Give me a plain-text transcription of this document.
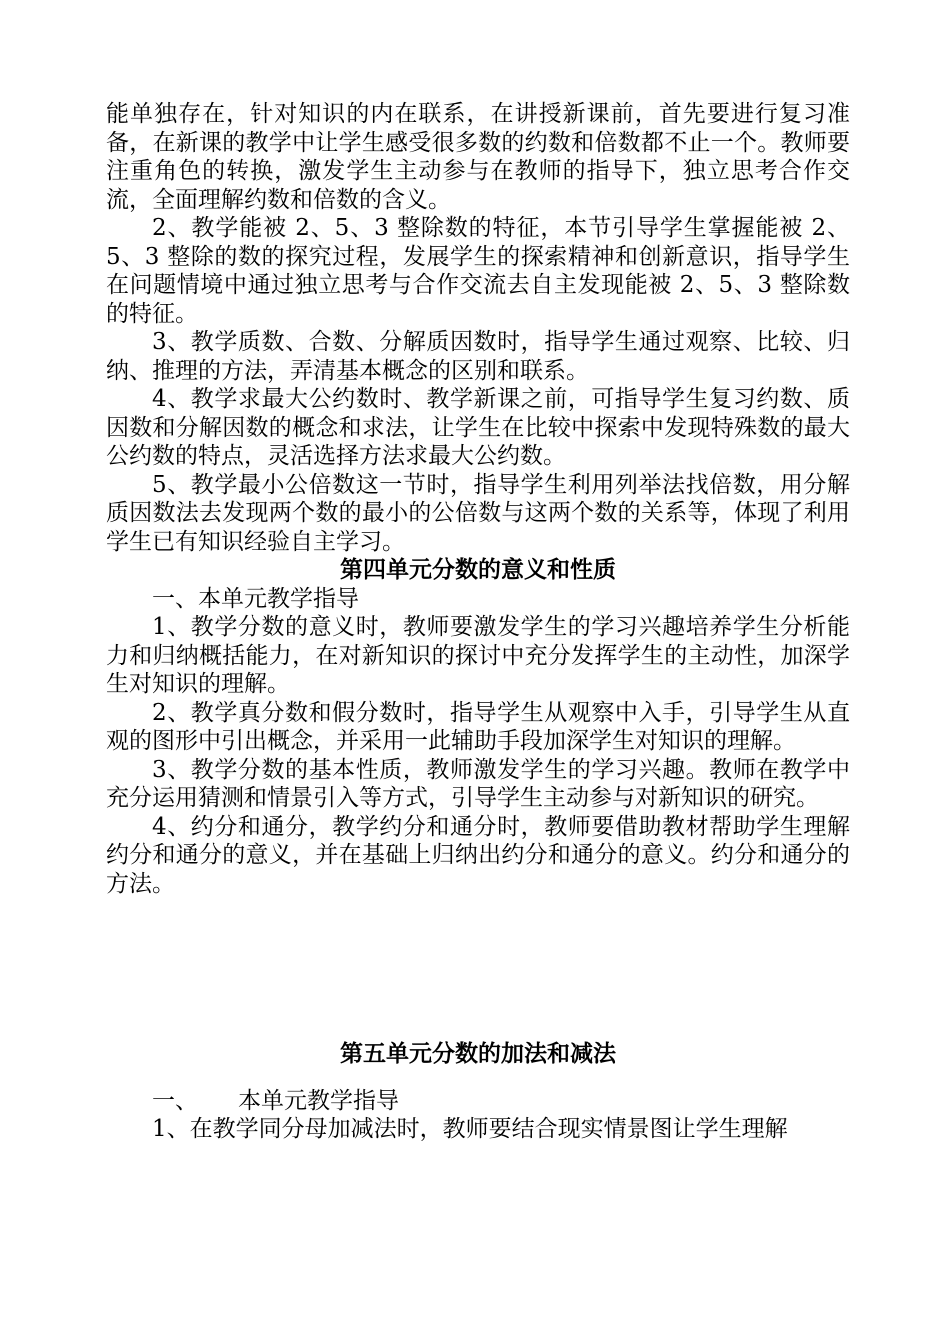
能单独存在，针对知识的内在联系，在讲授新课前，首先要进行复习准备，在新课的教学中让学生感受很多数的约数和倍数都不止一个。教师要注重角色的转换，激发学生主动参与在教师的指导下，独立思考合作交流，全面理解约数和倍数的含义。

2、教学能被 2、5、3 整除数的特征，本节引导学生掌握能被 2、5、3 整除的数的探究过程，发展学生的探索精神和创新意识，指导学生在问题情境中通过独立思考与合作交流去自主发现能被 2、5、3 整除数的特征。

3、教学质数、合数、分解质因数时，指导学生通过观察、比较、归纳、推理的方法，弄清基本概念的区别和联系。

4、教学求最大公约数时、教学新课之前，可指导学生复习约数、质因数和分解因数的概念和求法，让学生在比较中探索中发现特殊数的最大公约数的特点，灵活选择方法求最大公约数。

5、教学最小公倍数这一节时，指导学生利用列举法找倍数，用分解质因数法去发现两个数的最小的公倍数与这两个数的关系等，体现了利用学生已有知识经验自主学习。

第四单元分数的意义和性质

一、本单元教学指导

1、教学分数的意义时，教师要激发学生的学习兴趣培养学生分析能力和归纳概括能力，在对新知识的探讨中充分发挥学生的主动性，加深学生对知识的理解。

2、教学真分数和假分数时，指导学生从观察中入手，引导学生从直观的图形中引出概念，并采用一此辅助手段加深学生对知识的理解。

3、教学分数的基本性质，教师激发学生的学习兴趣。教师在教学中充分运用猜测和情景引入等方式，引导学生主动参与对新知识的研究。

4、约分和通分，教学约分和通分时，教师要借助教材帮助学生理解约分和通分的意义，并在基础上归纳出约分和通分的意义。约分和通分的方法。

第五单元分数的加法和减法

一、 本单元教学指导

1、在教学同分母加减法时，教师要结合现实情景图让学生理解
